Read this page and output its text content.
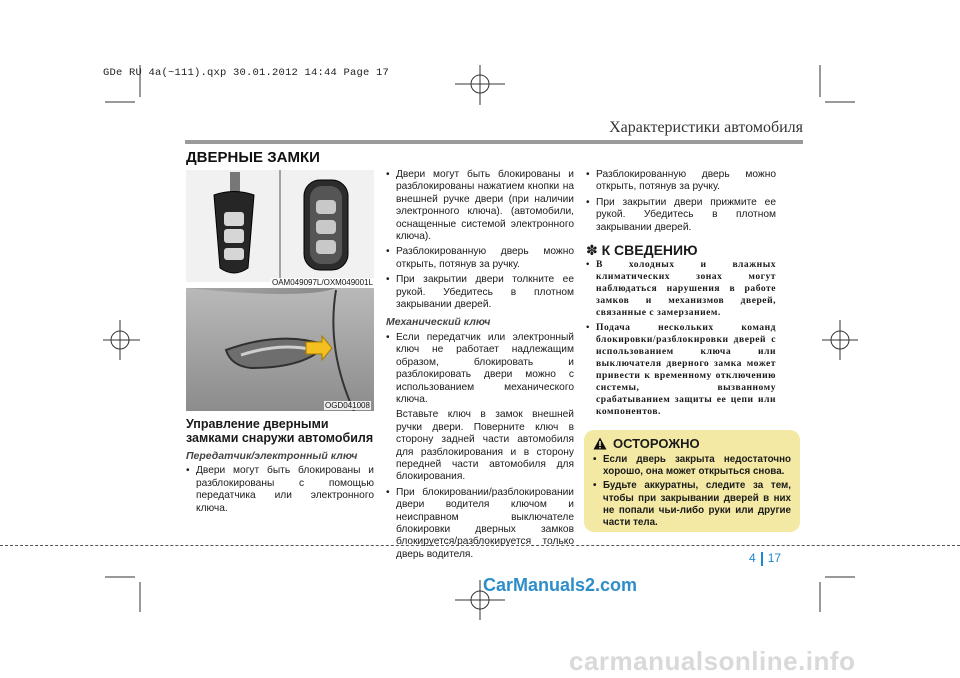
GDe RU 4a(~111).qxp 30.01.2012 14:44 Page 17
Характеристики автомобиля
ДВЕРНЫЕ ЗАМКИ
OAM049097L/OXM049001L
OGD041008
Управление дверными замками снаружи автомобиля
Передатчик/электронный ключ
• Двери могут быть блокированы и разблокированы с помощью передатчика или электронного ключа.
• Двери могут быть блокированы и разблокированы нажатием кнопки на внешней ручке двери (при наличии электронного ключа). (автомобили, оснащенные системой электронного ключа).
• Разблокированную дверь можно открыть, потянув за ручку.
• При закрытии двери толкните ее рукой. Убедитесь в плотном закрывании дверей.
Механический ключ
• Если передатчик или электронный ключ не работает надлежащим образом, блокировать и разблокировать двери можно с использованием механического ключа.

Вставьте ключ в замок внешней ручки двери. Поверните ключ в сторону задней части автомобиля для разблокирования и в сторону передней части автомобиля для блокирования.

• При блокировании/разблокировании двери водителя ключом и неисправном выключателе блокировки дверных замков блокируется/разблокируется только дверь водителя.
• Разблокированную дверь можно открыть, потянув за ручку.
• При закрытии двери прижмите ее рукой. Убедитесь в плотном закрывании дверей.
✽ К СВЕДЕНИЮ
• В холодных и влажных климатических зонах могут наблюдаться нарушения в работе замков и механизмов дверей, связанные с замерзанием.
• Подача нескольких команд блокировки/разблокировки дверей с использованием ключа или выключателя дверного замка может привести к временному отключению системы, вызванному срабатыванием защиты ее цепи или компонентов.
ОСТОРОЖНО
• Если дверь закрыта недостаточно хорошо, она может открыться снова.
• Будьте аккуратны, следите за тем, чтобы при закрывании дверей в них не попали чьи-либо руки или другие части тела.
4 17
CarManuals2.com
carmanualsonline.info
